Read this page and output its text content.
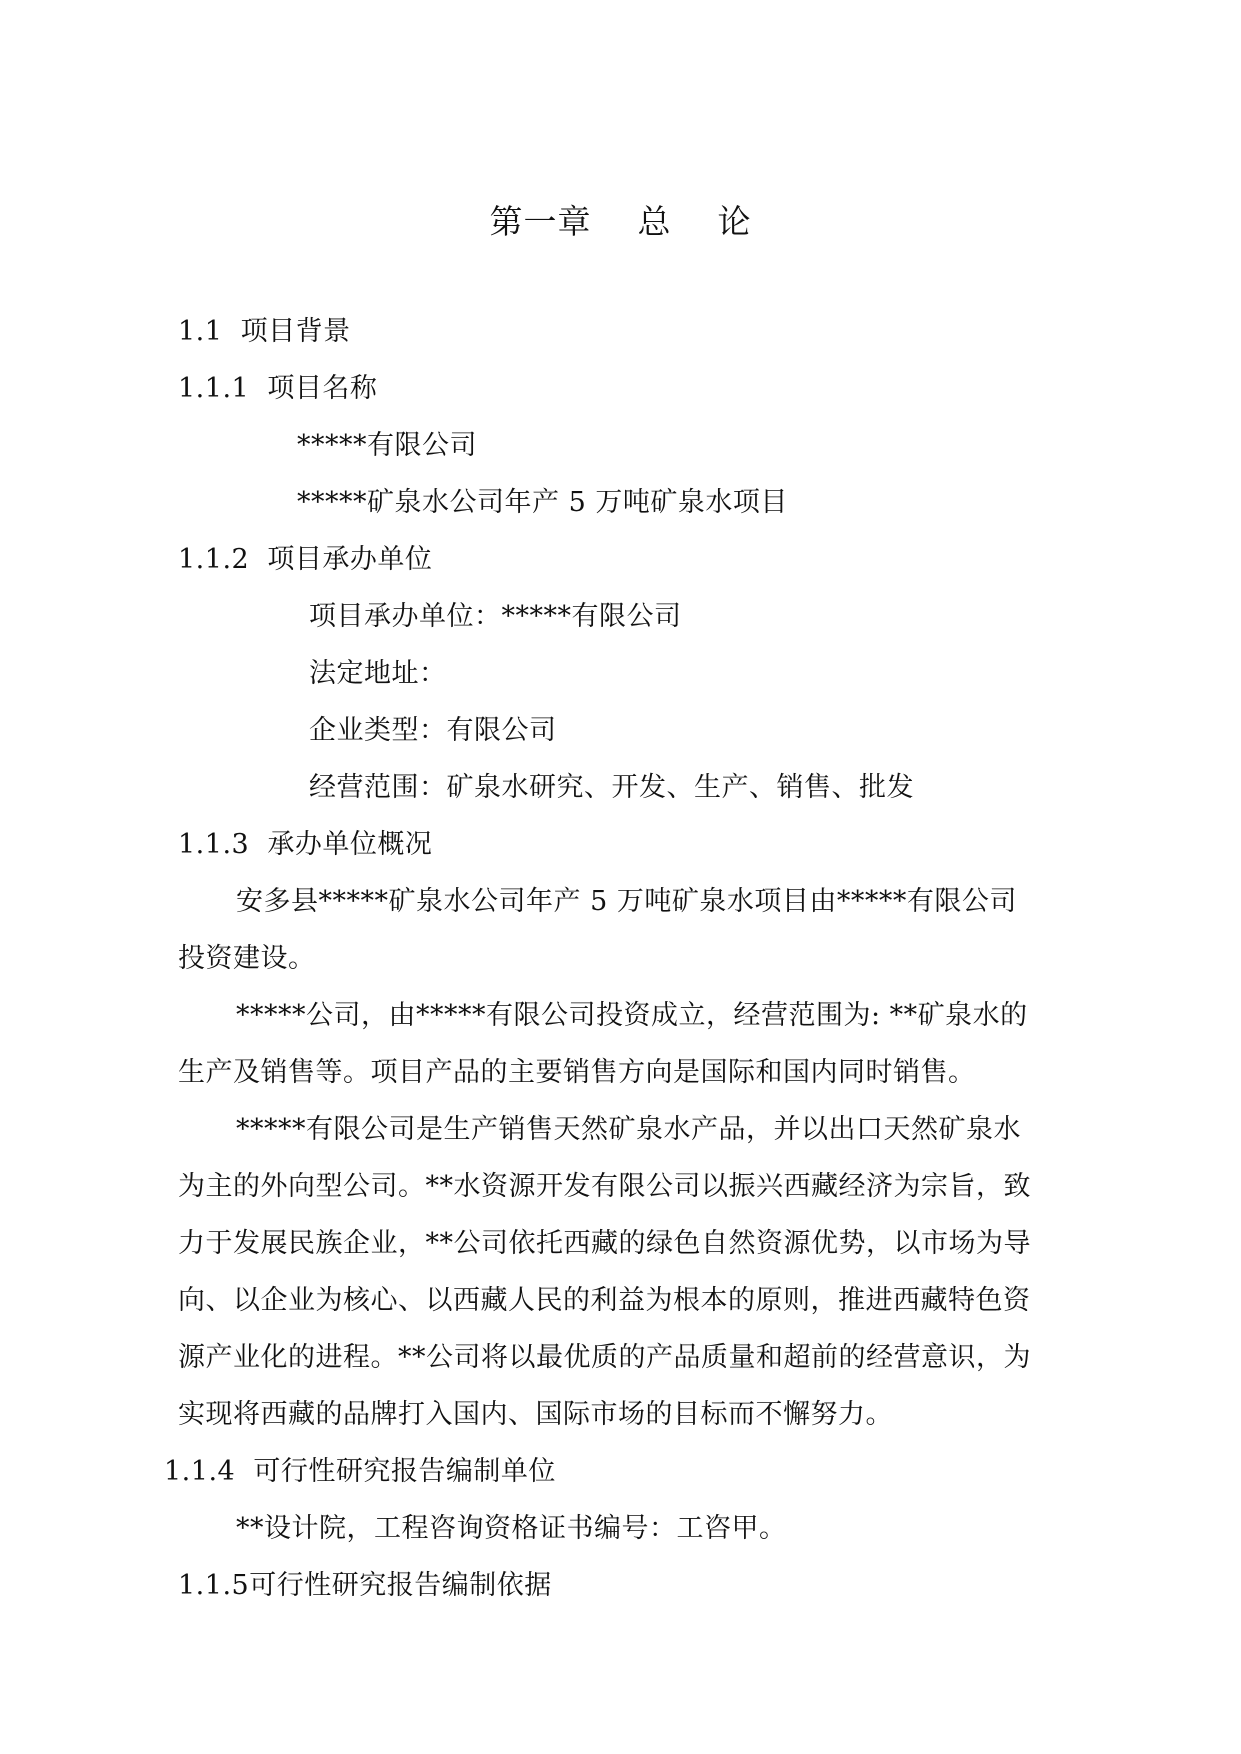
第一章    总    论
1.1  项目背景
1.1.1  项目名称
*****有限公司
*****矿泉水公司年产 5 万吨矿泉水项目
1.1.2  项目承办单位
项目承办单位：*****有限公司
法定地址：
企业类型：有限公司
经营范围：矿泉水研究、开发、生产、销售、批发
1.1.3  承办单位概况
安多县*****矿泉水公司年产 5 万吨矿泉水项目由*****有限公司
投资建设。
*****公司，由*****有限公司投资成立，经营范围为: **矿泉水的
生产及销售等。项目产品的主要销售方向是国际和国内同时销售。
*****有限公司是生产销售天然矿泉水产品，并以出口天然矿泉水
为主的外向型公司。**水资源开发有限公司以振兴西藏经济为宗旨，致
力于发展民族企业，**公司依托西藏的绿色自然资源优势，以市场为导
向、以企业为核心、以西藏人民的利益为根本的原则，推进西藏特色资
源产业化的进程。**公司将以最优质的产品质量和超前的经营意识，为
实现将西藏的品牌打入国内、国际市场的目标而不懈努力。
1.1.4  可行性研究报告编制单位
**设计院，工程咨询资格证书编号：工咨甲。
1.1.5可行性研究报告编制依据
